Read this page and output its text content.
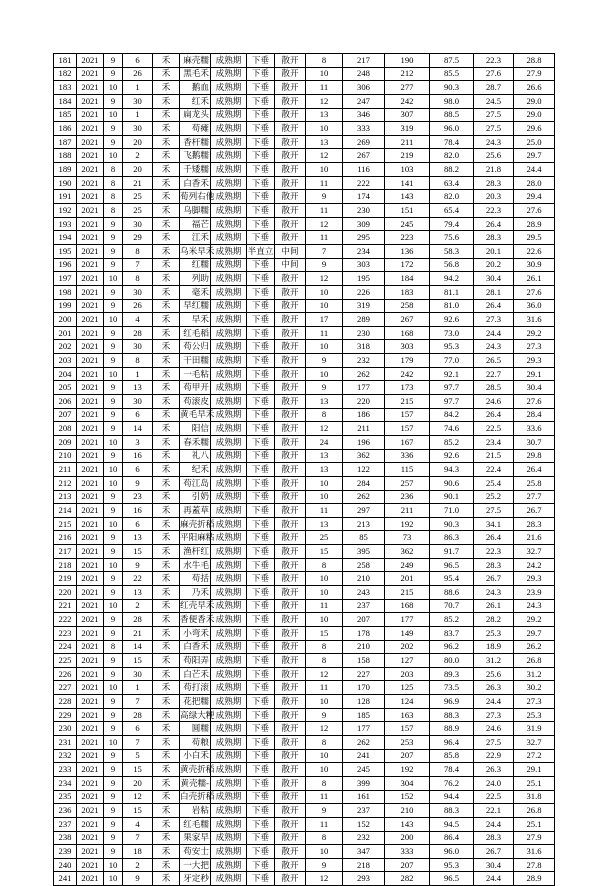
181	2021	9	6	禾	麻壳糯	成熟期	下垂	散开	8	217	190	87.5	22.3	28.8
182	2021	9	26	禾	黑毛禾	成熟期	下垂	散开	10	248	212	85.5	27.6	27.9
183	2021	10	1	禾	鹅血	成熟期	下垂	散开	11	306	277	90.3	28.7	26.6
184	2021	9	30	禾	红禾	成熟期	下垂	散开	12	247	242	98.0	24.5	29.0
185	2021	10	1	禾	扁龙头	成熟期	下垂	散开	13	346	307	88.5	27.5	29.0
186	2021	9	30	禾	苟瘫	成熟期	下垂	散开	10	333	319	96.0	27.5	29.6
187	2021	9	20	禾	香杆糯	成熟期	下垂	散开	13	269	211	78.4	24.3	25.0
188	2021	10	2	禾	飞鹅糯	成熟期	下垂	散开	12	267	219	82.0	25.6	29.7
189	2021	8	20	禾	千矮糯	成熟期	下垂	散开	10	116	103	88.2	21.8	24.4
190	2021	8	21	禾	白香禾	成熟期	下垂	散开	11	222	141	63.4	28.3	28.0
191	2021	8	25	禾	荀列右他	成熟期	下垂	散开	9	174	143	82.0	20.3	29.4
192	2021	8	25	禾	乌脚糯	成熟期	下垂	散开	11	230	151	65.4	22.3	27.6
193	2021	9	30	禾	福芒	成熟期	下垂	散开	12	309	245	79.4	26.4	28.9
194	2021	9	29	禾	江禾	成熟期	下垂	散开	11	295	223	75.6	28.3	29.5
195	2021	9	8	禾	乌米早禾	成熟期	半直立	中间	7	234	136	58.3	20.1	22.6
196	2021	9	7	禾	红糯	成熟期	下垂	中间	9	303	172	56.8	20.2	30.9
197	2021	10	8	禾	列助	成熟期	下垂	散开	12	195	184	94.2	30.4	26.1
198	2021	9	30	禾	毫禾	成熟期	下垂	散开	10	226	183	81.1	28.1	27.6
199	2021	9	26	禾	早红糯	成熟期	下垂	散开	10	319	258	81.0	26.4	36.0
200	2021	10	4	禾	早禾	成熟期	下垂	散开	17	289	267	92.6	27.3	31.6
201	2021	9	28	禾	红毛稻	成熟期	下垂	散开	11	230	168	73.0	24.4	29.2
202	2021	9	30	禾	苟公归	成熟期	下垂	散开	10	318	303	95.3	24.3	27.3
203	2021	9	8	禾	干田糯	成熟期	下垂	散开	9	232	179	77.0	26.5	29.3
204	2021	10	1	禾	一毛粘	成熟期	下垂	散开	10	262	242	92.1	22.7	29.1
205	2021	9	13	禾	苟甲开	成熟期	下垂	散开	9	177	173	97.7	28.5	30.4
206	2021	9	30	禾	苟滚皮	成熟期	下垂	散开	13	220	215	97.7	24.6	27.6
207	2021	9	6	禾	黄毛早禾	成熟期	下垂	散开	8	186	157	84.2	26.4	28.4
208	2021	9	14	禾	阳信	成熟期	下垂	散开	12	211	157	74.6	22.5	33.6
209	2021	10	3	禾	春禾糯	成熟期	下垂	散开	24	196	167	85.2	23.4	30.7
210	2021	9	16	禾	礼八	成熟期	下垂	散开	13	362	336	92.6	21.5	29.8
211	2021	10	6	禾	纪禾	成熟期	下垂	散开	13	122	115	94.3	22.4	26.4
212	2021	10	9	禾	苟江岛	成熟期	下垂	散开	10	284	257	90.6	25.4	25.8
213	2021	9	23	禾	引奶	成熟期	下垂	散开	10	262	236	90.1	25.2	27.7
214	2021	9	16	禾	再蓋草	成熟期	下垂	散开	11	297	211	71.0	27.5	26.7
215	2021	10	6	禾	麻壳折稻	成熟期	下垂	散开	13	213	192	90.3	34.1	28.3
216	2021	9	13	禾	平阳麻粘	成熟期	下垂	散开	25	85	73	86.3	26.4	21.6
217	2021	9	15	禾	渔杆红	成熟期	下垂	散开	15	395	362	91.7	22.3	32.7
218	2021	10	9	禾	水牛毛	成熟期	下垂	散开	8	258	249	96.5	28.3	24.2
219	2021	9	22	禾	苟括	成熟期	下垂	散开	10	210	201	95.4	26.7	29.3
220	2021	9	13	禾	乃禾	成熟期	下垂	散开	10	243	215	88.6	24.3	23.9
221	2021	10	2	禾	红壳早禾	成熟期	下垂	散开	11	237	168	70.7	26.1	24.3
222	2021	9	28	禾	香便香禾	成熟期	下垂	散开	10	207	177	85.2	28.2	29.2
223	2021	9	21	禾	小弯禾	成熟期	下垂	散开	15	178	149	83.7	25.3	29.7
224	2021	8	14	禾	白香禾	成熟期	下垂	散开	8	210	202	96.2	18.9	26.2
225	2021	9	15	禾	苟阳弄	成熟期	下垂	散开	8	158	127	80.0	31.2	26.8
226	2021	9	30	禾	白芒禾	成熟期	下垂	散开	12	227	203	89.3	25.6	31.2
227	2021	10	1	禾	苟打滚	成熟期	下垂	散开	11	170	125	73.5	26.3	30.2
228	2021	9	7	禾	花把糯	成熟期	下垂	散开	10	128	124	96.9	24.4	27.3
229	2021	9	28	禾	高绿大粳	成熟期	下垂	散开	9	185	163	88.3	27.3	25.3
230	2021	9	6	禾	圆糯	成熟期	下垂	散开	12	177	157	88.9	24.6	31.9
231	2021	10	7	禾	苟粮	成熟期	下垂	散开	8	262	253	96.4	27.5	32.7
232	2021	9	5	禾	小白禾	成熟期	下垂	散开	10	241	207	85.8	22.9	27.2
233	2021	9	15	禾	黄壳折稻	成熟期	下垂	散开	10	245	192	78.4	26.3	29.1
234	2021	9	20	禾	黄壳糯-	成熟期	下垂	散开	8	399	304	76.2	24.0	25.1
235	2021	9	12	禾	白壳折稻	成熟期	下垂	散开	11	161	152	94.4	22.5	31.8
236	2021	9	15	禾	岩粘	成熟期	下垂	散开	9	237	210	88.3	22.1	26.8
237	2021	9	4	禾	红毛糯	成熟期	下垂	散开	11	152	143	94.5	24.4	25.1
238	2021	9	7	禾	果家早	成熟期	下垂	散开	8	232	200	86.4	28.3	27.9
239	2021	9	18	禾	苟安士	成熟期	下垂	散开	10	347	333	96.0	26.7	31.6
240	2021	10	2	禾	一大把	成熟期	下垂	散开	9	218	207	95.3	30.4	27.8
241	2021	10	9	禾	牙定秒	成熟期	下垂	散开	12	293	282	96.5	24.4	28.9
